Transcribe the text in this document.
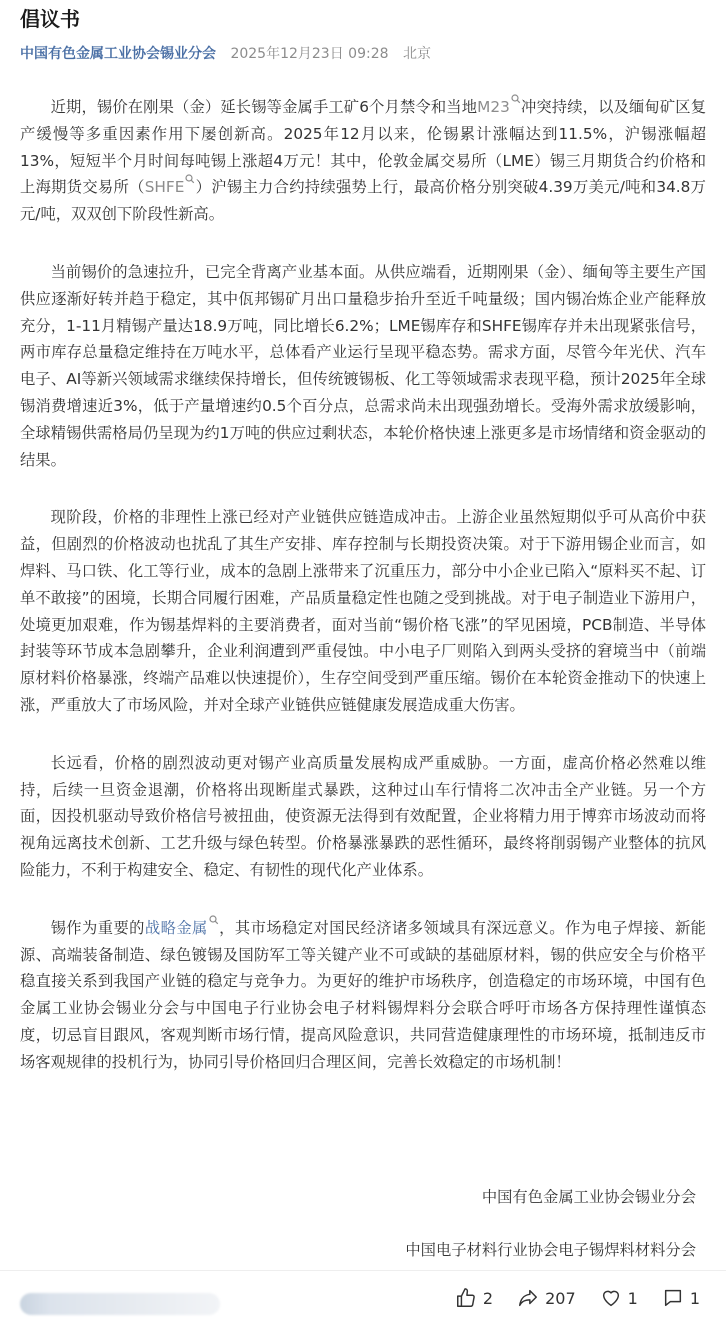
倡议书
中国有色金属工业协会锡业分会 2025年12月23日 09:28 北京

近期，锡价在刚果（金）延长锡等金属手工矿6个月禁令和当地M23 冲突持续，以及缅甸矿区复产缓慢等多重因素作用下屡创新高。2025年12月以来，伦锡累计涨幅达到11.5%，沪锡涨幅超13%，短短半个月时间每吨锡上涨超4万元！其中，伦敦金属交易所（LME）锡三月期货合约价格和上海期货交易所（SHFE ）沪锡主力合约持续强势上行，最高价格分别突破4.39万美元/吨和34.8万元/吨，双双创下阶段性新高。

当前锡价的急速拉升，已完全背离产业基本面。从供应端看，近期刚果（金）、缅甸等主要生产国供应逐渐好转并趋于稳定，其中佤邦锡矿月出口量稳步抬升至近千吨量级；国内锡冶炼企业产能释放充分，1-11月精锡产量达18.9万吨，同比增长6.2%；LME锡库存和SHFE锡库存并未出现紧张信号，两市库存总量稳定维持在万吨水平，总体看产业运行呈现平稳态势。需求方面，尽管今年光伏、汽车电子、AI等新兴领域需求继续保持增长，但传统镀锡板、化工等领域需求表现平稳，预计2025年全球锡消费增速近3%，低于产量增速约0.5个百分点，总需求尚未出现强劲增长。受海外需求放缓影响，全球精锡供需格局仍呈现为约1万吨的供应过剩状态，本轮价格快速上涨更多是市场情绪和资金驱动的结果。

现阶段，价格的非理性上涨已经对产业链供应链造成冲击。上游企业虽然短期似乎可从高价中获益，但剧烈的价格波动也扰乱了其生产安排、库存控制与长期投资决策。对于下游用锡企业而言，如焊料、马口铁、化工等行业，成本的急剧上涨带来了沉重压力，部分中小企业已陷入“原料买不起、订单不敢接”的困境，长期合同履行困难，产品质量稳定性也随之受到挑战。对于电子制造业下游用户，处境更加艰难，作为锡基焊料的主要消费者，面对当前“锡价格飞涨”的罕见困境，PCB制造、半导体封装等环节成本急剧攀升，企业利润遭到严重侵蚀。中小电子厂则陷入到两头受挤的窘境当中（前端原材料价格暴涨，终端产品难以快速提价），生存空间受到严重压缩。锡价在本轮资金推动下的快速上涨，严重放大了市场风险，并对全球产业链供应链健康发展造成重大伤害。

长远看，价格的剧烈波动更对锡产业高质量发展构成严重威胁。一方面，虚高价格必然难以维持，后续一旦资金退潮，价格将出现断崖式暴跌，这种过山车行情将二次冲击全产业链。另一个方面，因投机驱动导致价格信号被扭曲，使资源无法得到有效配置，企业将精力用于博弈市场波动而将视角远离技术创新、工艺升级与绿色转型。价格暴涨暴跌的恶性循环，最终将削弱锡产业整体的抗风险能力，不利于构建安全、稳定、有韧性的现代化产业体系。

锡作为重要的战略金属 ，其市场稳定对国民经济诸多领域具有深远意义。作为电子焊接、新能源、高端装备制造、绿色镀锡及国防军工等关键产业不可或缺的基础原材料，锡的供应安全与价格平稳直接关系到我国产业链的稳定与竞争力。为更好的维护市场秩序，创造稳定的市场环境，中国有色金属工业协会锡业分会与中国电子行业协会电子材料锡焊料分会联合呼吁市场各方保持理性谨慎态度，切忌盲目跟风，客观判断市场行情，提高风险意识，共同营造健康理性的市场环境，抵制违反市场客观规律的投机行为，协同引导价格回归合理区间，完善长效稳定的市场机制！

中国有色金属工业协会锡业分会
中国电子材料行业协会电子锡焊料材料分会
2	207	1	1
